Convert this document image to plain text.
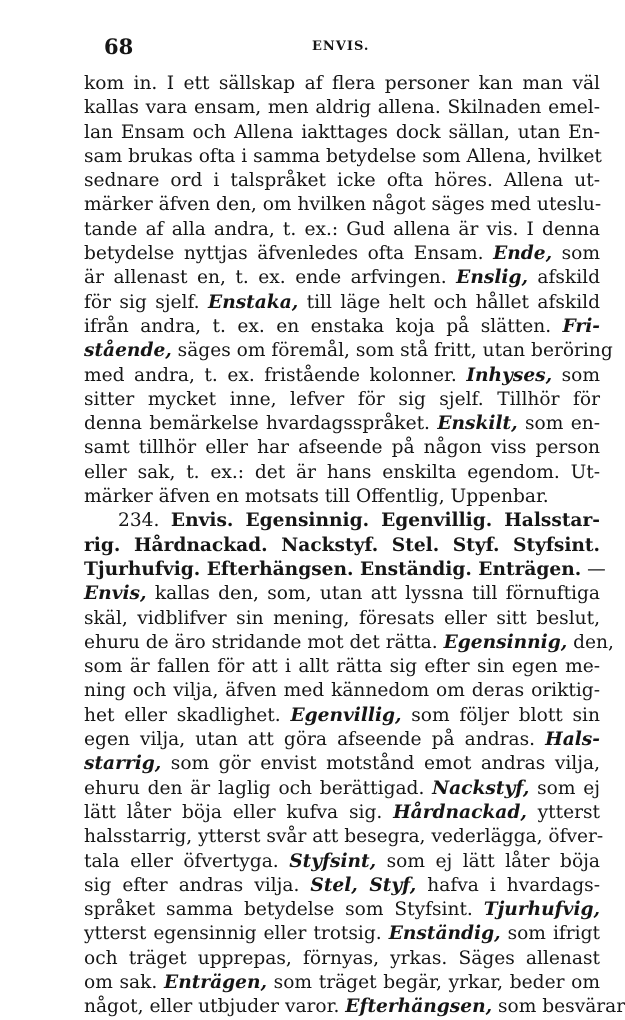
68	ENVIS.
kom in. I ett sällskap af flera personer kan man väl
kallas vara ensam, men aldrig allena. Skilnaden emel-
lan Ensam och Allena iakttages dock sällan, utan En-
sam brukas ofta i samma betydelse som Allena, hvilket
sednare ord i talspråket icke ofta höres. Allena ut-
märker äfven den, om hvilken något säges med uteslu-
tande af alla andra, t. ex.: Gud allena är vis. I denna
betydelse nyttjas äfvenledes ofta Ensam. Ende, som
är allenast en, t. ex. ende arfvingen. Enslig, afskild
för sig sjelf. Enstaka, till läge helt och hållet afskild
ifrån andra, t. ex. en enstaka koja på slätten. Fri-
stående, säges om föremål, som stå fritt, utan beröring
med andra, t. ex. fristående kolonner. Inhyses, som
sitter mycket inne, lefver för sig sjelf. Tillhör för
denna bemärkelse hvardagsspråket. Enskilt, som en-
samt tillhör eller har afseende på någon viss person
eller sak, t. ex.: det är hans enskilta egendom. Ut-
märker äfven en motsats till Offentlig, Uppenbar.
234. Envis. Egensinnig. Egenvillig. Halsstar-
rig. Hårdnackad. Nackstyf. Stel. Styf. Styfsint.
Tjurhufvig. Efterhängsen. Enständig. Enträgen. —
Envis, kallas den, som, utan att lyssna till förnuftiga
skäl, vidblifver sin mening, föresats eller sitt beslut,
ehuru de äro stridande mot det rätta. Egensinnig, den,
som är fallen för att i allt rätta sig efter sin egen me-
ning och vilja, äfven med kännedom om deras oriktig-
het eller skadlighet. Egenvillig, som följer blott sin
egen vilja, utan att göra afseende på andras. Hals-
starrig, som gör envist motstånd emot andras vilja,
ehuru den är laglig och berättigad. Nackstyf, som ej
lätt låter böja eller kufva sig. Hårdnackad, ytterst
halsstarrig, ytterst svår att besegra, vederlägga, öfver-
tala eller öfvertyga. Styfsint, som ej lätt låter böja
sig efter andras vilja. Stel, Styf, hafva i hvardags-
språket samma betydelse som Styfsint. Tjurhufvig,
ytterst egensinnig eller trotsig. Enständig, som ifrigt
och träget upprepas, förnyas, yrkas. Säges allenast
om sak. Enträgen, som träget begär, yrkar, beder om
något, eller utbjuder varor. Efterhängsen, som besvärar
